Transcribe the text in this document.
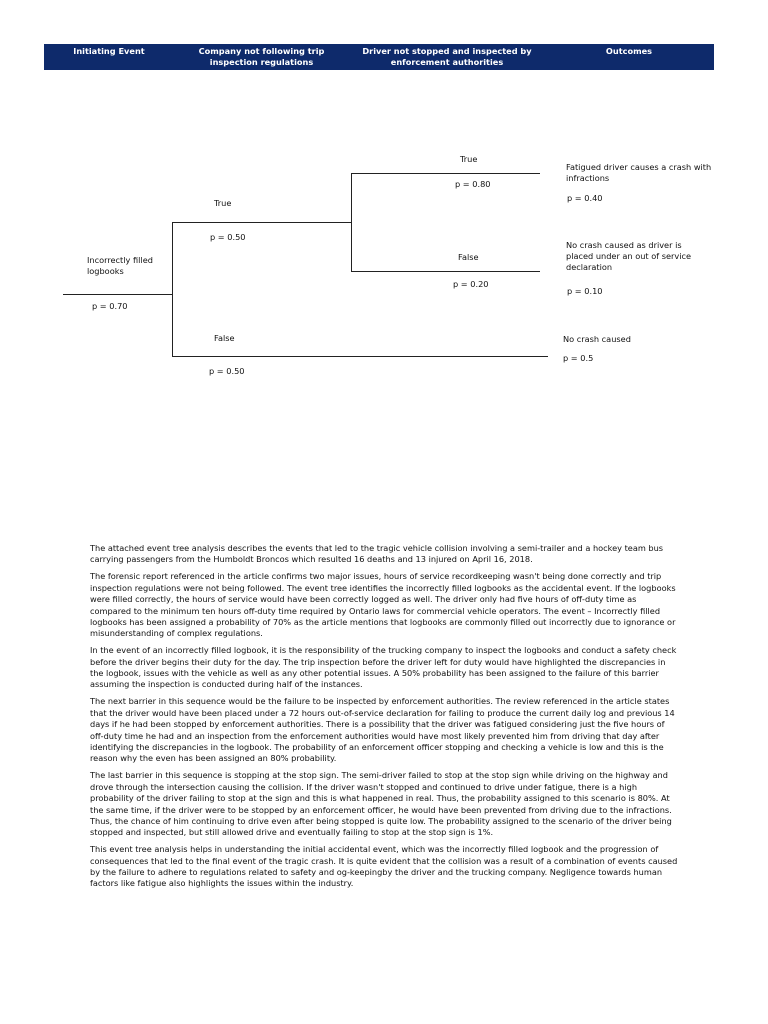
Initiating Event	Company not following trip inspection regulations
Driver not stopped and inspected by enforcement authorities
Outcomes
Incorrectly filled logbooks
p = 0.70
True
p = 0.50
False
p = 0.50
True
p = 0.80
False
p = 0.20
Fatigued driver causes a crash with infractions
p = 0.40
No crash caused as driver is placed under an out of service declaration
p = 0.10
No crash caused
p = 0.5

The attached event tree analysis describes the events that led to the tragic vehicle collision involving a semi-trailer and a hockey team bus carrying passengers from the Humboldt Broncos which resulted 16 deaths and 13 injured on April 16, 2018.

The forensic report referenced in the article confirms two major issues, hours of service recordkeeping wasn't being done correctly and trip inspection regulations were not being followed. The event tree identifies the incorrectly filled logbooks as the accidental event. If the logbooks were filled correctly, the hours of service would have been correctly logged as well. The driver only had five hours of off-duty time as compared to the minimum ten hours off-duty time required by Ontario laws for commercial vehicle operators. The event – Incorrectly filled logbooks has been assigned a probability of 70% as the article mentions that logbooks are commonly filled out incorrectly due to ignorance or misunderstanding of complex regulations.

In the event of an incorrectly filled logbook, it is the responsibility of the trucking company to inspect the logbooks and conduct a safety check before the driver begins their duty for the day. The trip inspection before the driver left for duty would have highlighted the discrepancies in the logbook, issues with the vehicle as well as any other potential issues. A 50% probability has been assigned to the failure of this barrier assuming the inspection is conducted during half of the instances.

The next barrier in this sequence would be the failure to be inspected by enforcement authorities. The review referenced in the article states that the driver would have been placed under a 72 hours out-of-service declaration for failing to produce the current daily log and previous 14 days if he had been stopped by enforcement authorities. There is a possibility that the driver was fatigued considering just the five hours of off-duty time he had and an inspection from the enforcement authorities would have most likely prevented him from driving that day after identifying the discrepancies in the logbook. The probability of an enforcement officer stopping and checking a vehicle is low and this is the reason why the even has been assigned an 80% probability.

The last barrier in this sequence is stopping at the stop sign. The semi-driver failed to stop at the stop sign while driving on the highway and drove through the intersection causing the collision. If the driver wasn't stopped and continued to drive under fatigue, there is a high probability of the driver failing to stop at the sign and this is what happened in real. Thus, the probability assigned to this scenario is 80%. At the same time, if the driver were to be stopped by an enforcement officer, he would have been prevented from driving due to the infractions. Thus, the chance of him continuing to drive even after being stopped is quite low. The probability assigned to the scenario of the driver being stopped and inspected, but still allowed drive and eventually failing to stop at the stop sign is 1%.

This event tree analysis helps in understanding the initial accidental event, which was the incorrectly filled logbook and the progression of consequences that led to the final event of the tragic crash. It is quite evident that the collision was a result of a combination of events caused by the failure to adhere to regulations related to safety and og-keepingby the driver and the trucking company. Negligence towards human factors like fatigue also highlights the issues within the industry.
